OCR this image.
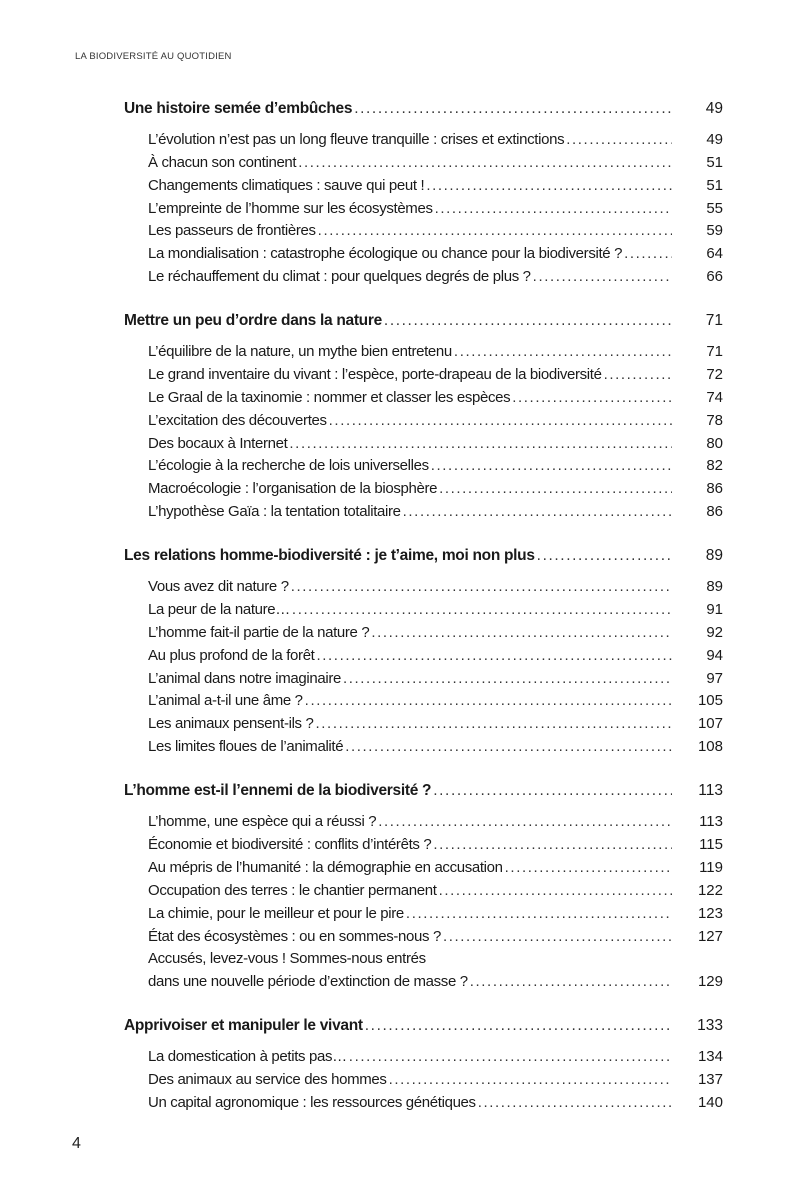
LA BIODIVERSITÉ AU QUOTIDIEN
Une histoire semée d’embûches .....	49
L’évolution n’est pas un long fleuve tranquille : crises et extinctions .....	49
À chacun son continent .....	51
Changements climatiques : sauve qui peut ! .....	51
L’empreinte de l’homme sur les écosystèmes .....	55
Les passeurs de frontières .....	59
La mondialisation : catastrophe écologique ou chance pour la biodiversité ? .....	64
Le réchauffement du climat : pour quelques degrés de plus ? .....	66
Mettre un peu d’ordre dans la nature .....	71
L’équilibre de la nature, un mythe bien entretenu .....	71
Le grand inventaire du vivant : l’espèce, porte-drapeau de la biodiversité .....	72
Le Graal de la taxinomie : nommer et classer les espèces .....	74
L’excitation des découvertes .....	78
Des bocaux à Internet .....	80
L’écologie à la recherche de lois universelles .....	82
Macroécologie : l’organisation de la biosphère .....	86
L’hypothèse Gaïa : la tentation totalitaire .....	86
Les relations homme-biodiversité : je t’aime, moi non plus .....	89
Vous avez dit nature ? .....	89
La peur de la nature… .....	91
L’homme fait-il partie de la nature ? .....	92
Au plus profond de la forêt .....	94
L’animal dans notre imaginaire .....	97
L’animal a-t-il une âme ? .....	105
Les animaux pensent-ils ? .....	107
Les limites floues de l’animalité .....	108
L’homme est-il l’ennemi de la biodiversité ? .....	113
L’homme, une espèce qui a réussi ? .....	113
Économie et biodiversité : conflits d’intérêts ? .....	115
Au mépris de l’humanité : la démographie en accusation .....	119
Occupation des terres : le chantier permanent .....	122
La chimie, pour le meilleur et pour le pire .....	123
État des écosystèmes : ou en sommes-nous ? .....	127
Accusés, levez-vous ! Sommes-nous entrés
dans une nouvelle période d’extinction de masse ? .....	129
Apprivoiser et manipuler le vivant .....	133
La domestication à petits pas… .....	134
Des animaux au service des hommes .....	137
Un capital agronomique : les ressources génétiques .....	140
4
